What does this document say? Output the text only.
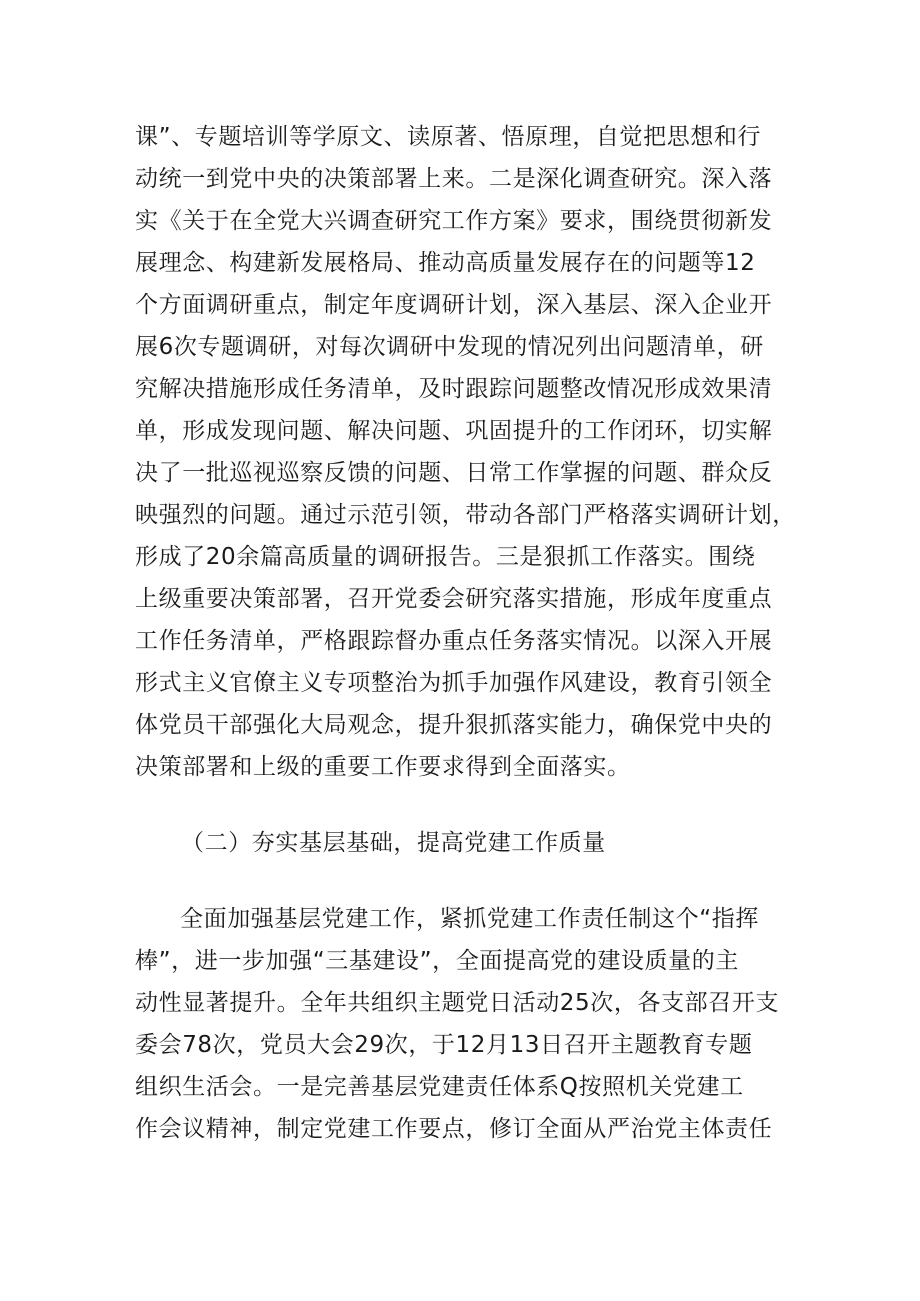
课”、专题培训等学原文、读原著、悟原理，自觉把思想和行
动统一到党中央的决策部署上来。二是深化调查研究。深入落
实《关于在全党大兴调查研究工作方案》要求，围绕贯彻新发
展理念、构建新发展格局、推动高质量发展存在的问题等12
个方面调研重点，制定年度调研计划，深入基层、深入企业开
展6次专题调研，对每次调研中发现的情况列出问题清单，研
究解决措施形成任务清单，及时跟踪问题整改情况形成效果清
单，形成发现问题、解决问题、巩固提升的工作闭环，切实解
决了一批巡视巡察反馈的问题、日常工作掌握的问题、群众反
映强烈的问题。通过示范引领，带动各部门严格落实调研计划，
形成了20余篇高质量的调研报告。三是狠抓工作落实。围绕
上级重要决策部署，召开党委会研究落实措施，形成年度重点
工作任务清单，严格跟踪督办重点任务落实情况。以深入开展
形式主义官僚主义专项整治为抓手加强作风建设，教育引领全
体党员干部强化大局观念，提升狠抓落实能力，确保党中央的
决策部署和上级的重要工作要求得到全面落实。
（二）夯实基层基础，提高党建工作质量
全面加强基层党建工作，紧抓党建工作责任制这个“指挥
棒”，进一步加强“三基建设”，全面提高党的建设质量的主
动性显著提升。全年共组织主题党日活动25次，各支部召开支
委会78次，党员大会29次，于12月13日召开主题教育专题
组织生活会。一是完善基层党建责任体系Q按照机关党建工
作会议精神，制定党建工作要点，修订全面从严治党主体责任
